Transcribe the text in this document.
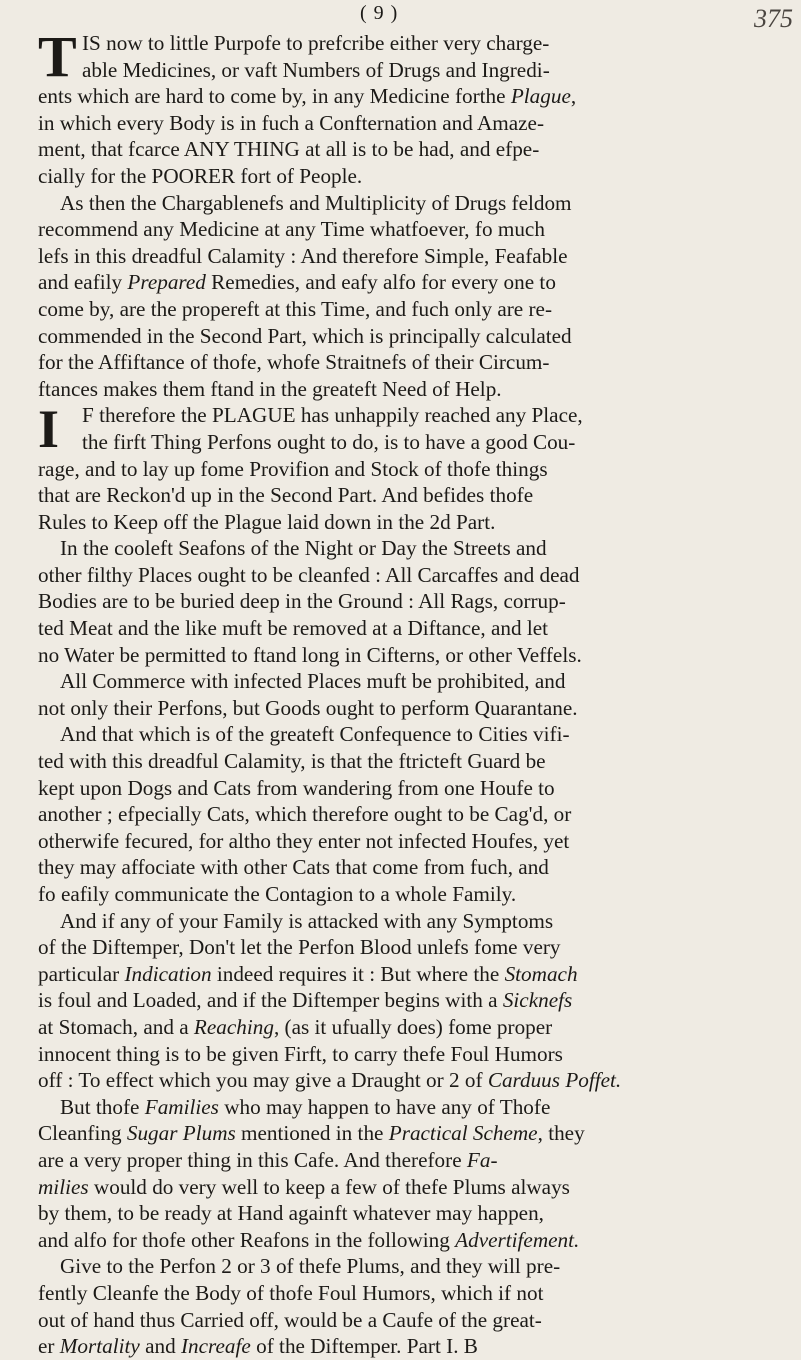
( 9 )	375
T IS now to little Purpofe to prefcribe either very charge-
able Medicines, or vaft Numbers of Drugs and Ingredi-
ents which are hard to come by, in any Medicine forthe Plague,
in which every Body is in fuch a Confternation and Amaze-
ment, that fcarce ANY THING at all is to be had, and efpe-
cially for the POORER fort of People.
As then the Chargablenefs and Multiplicity of Drugs feldom
recommend any Medicine at any Time whatfoever, fo much
lefs in this dreadful Calamity : And therefore Simple, Feafable
and eafily Prepared Remedies, and eafy alfo for every one to
come by, are the propereft at this Time, and fuch only are re-
commended in the Second Part, which is principally calculated
for the Affiftance of thofe, whofe Straitnefs of their Circum-
ftances makes them ftand in the greateft Need of Help.
I F therefore the PLAGUE has unhappily reached any Place,
the firft Thing Perfons ought to do, is to have a good Cou-
rage, and to lay up fome Provifion and Stock of thofe things
that are Reckon'd up in the Second Part. And befides thofe
Rules to Keep off the Plague laid down in the 2d Part.
In the cooleft Seafons of the Night or Day the Streets and
other filthy Places ought to be cleanfed : All Carcaffes and dead
Bodies are to be buried deep in the Ground : All Rags, corrup-
ted Meat and the like muft be removed at a Diftance, and let
no Water be permitted to ftand long in Cifterns, or other Veffels.
All Commerce with infected Places muft be prohibited, and
not only their Perfons, but Goods ought to perform Quarantane.
And that which is of the greateft Confequence to Cities vifi-
ted with this dreadful Calamity, is that the ftricteft Guard be
kept upon Dogs and Cats from wandering from one Houfe to
another ; efpecially Cats, which therefore ought to be Cag'd, or
otherwife fecured, for altho they enter not infected Houfes, yet
they may affociate with other Cats that come from fuch, and
fo eafily communicate the Contagion to a whole Family.
And if any of your Family is attacked with any Symptoms
of the Diftemper, Don't let the Perfon Blood unlefs fome very
particular Indication indeed requires it : But where the Stomach
is foul and Loaded, and if the Diftemper begins with a Sicknefs
at Stomach, and a Reaching, (as it ufually does) fome proper
innocent thing is to be given Firft, to carry thefe Foul Humors
off : To effect which you may give a Draught or 2 of Carduus Poffet.
But thofe Families who may happen to have any of Thofe
Cleanfing Sugar Plums mentioned in the Practical Scheme, they
are a very proper thing in this Cafe. And therefore Fa-
milies would do very well to keep a few of thefe Plums always
by them, to be ready at Hand againft whatever may happen,
and alfo for thofe other Reafons in the following Advertifement.
Give to the Perfon 2 or 3 of thefe Plums, and they will pre-
fently Cleanfe the Body of thofe Foul Humors, which if not
out of hand thus Carried off, would be a Caufe of the great-
er Mortality and Increafe of the Diftemper. Part I. B
